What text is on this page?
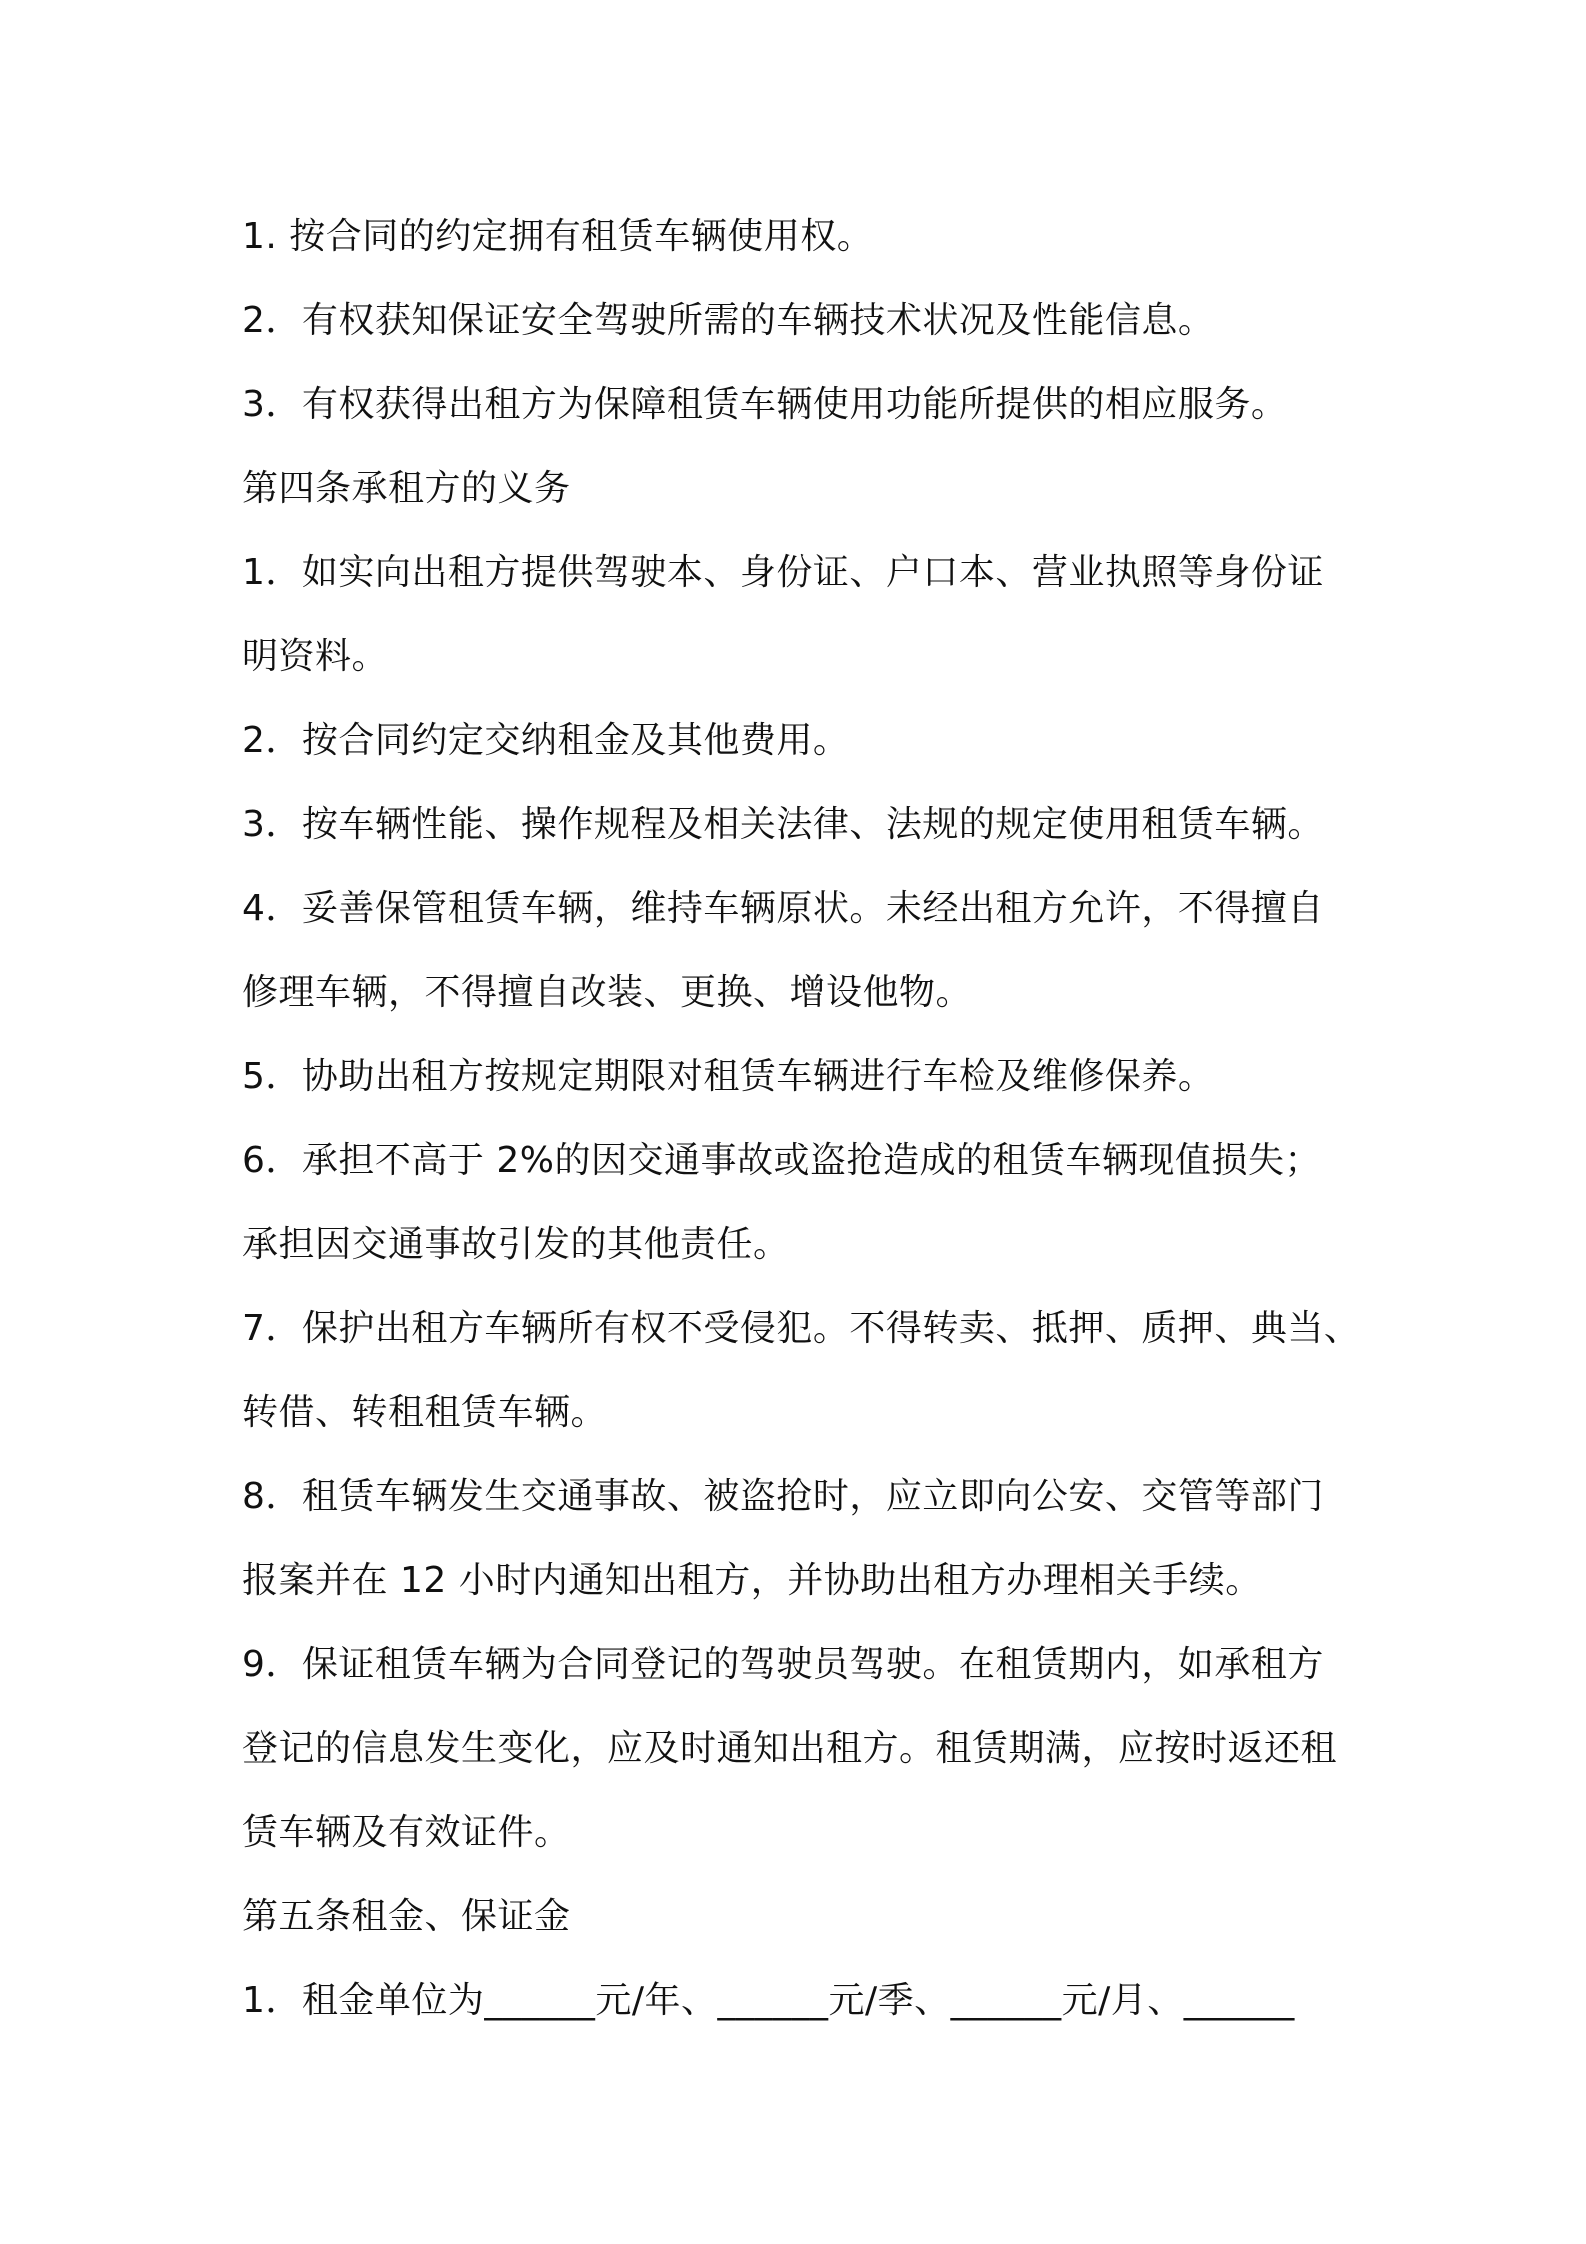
1. 按合同的约定拥有租赁车辆使用权。
2．有权获知保证安全驾驶所需的车辆技术状况及性能信息。
3．有权获得出租方为保障租赁车辆使用功能所提供的相应服务。
第四条承租方的义务
1．如实向出租方提供驾驶本、身份证、户口本、营业执照等身份证
明资料。
2．按合同约定交纳租金及其他费用。
3．按车辆性能、操作规程及相关法律、法规的规定使用租赁车辆。
4．妥善保管租赁车辆，维持车辆原状。未经出租方允许，不得擅自
修理车辆，不得擅自改装、更换、增设他物。
5．协助出租方按规定期限对租赁车辆进行车检及维修保养。
6．承担不高于 2%的因交通事故或盗抢造成的租赁车辆现值损失；
承担因交通事故引发的其他责任。
7．保护出租方车辆所有权不受侵犯。不得转卖、抵押、质押、典当、
转借、转租租赁车辆。
8．租赁车辆发生交通事故、被盗抢时，应立即向公安、交管等部门
报案并在 12 小时内通知出租方，并协助出租方办理相关手续。
9．保证租赁车辆为合同登记的驾驶员驾驶。在租赁期内，如承租方
登记的信息发生变化，应及时通知出租方。租赁期满，应按时返还租
赁车辆及有效证件。
第五条租金、保证金
1．租金单位为______元/年、______元/季、______元/月、______
